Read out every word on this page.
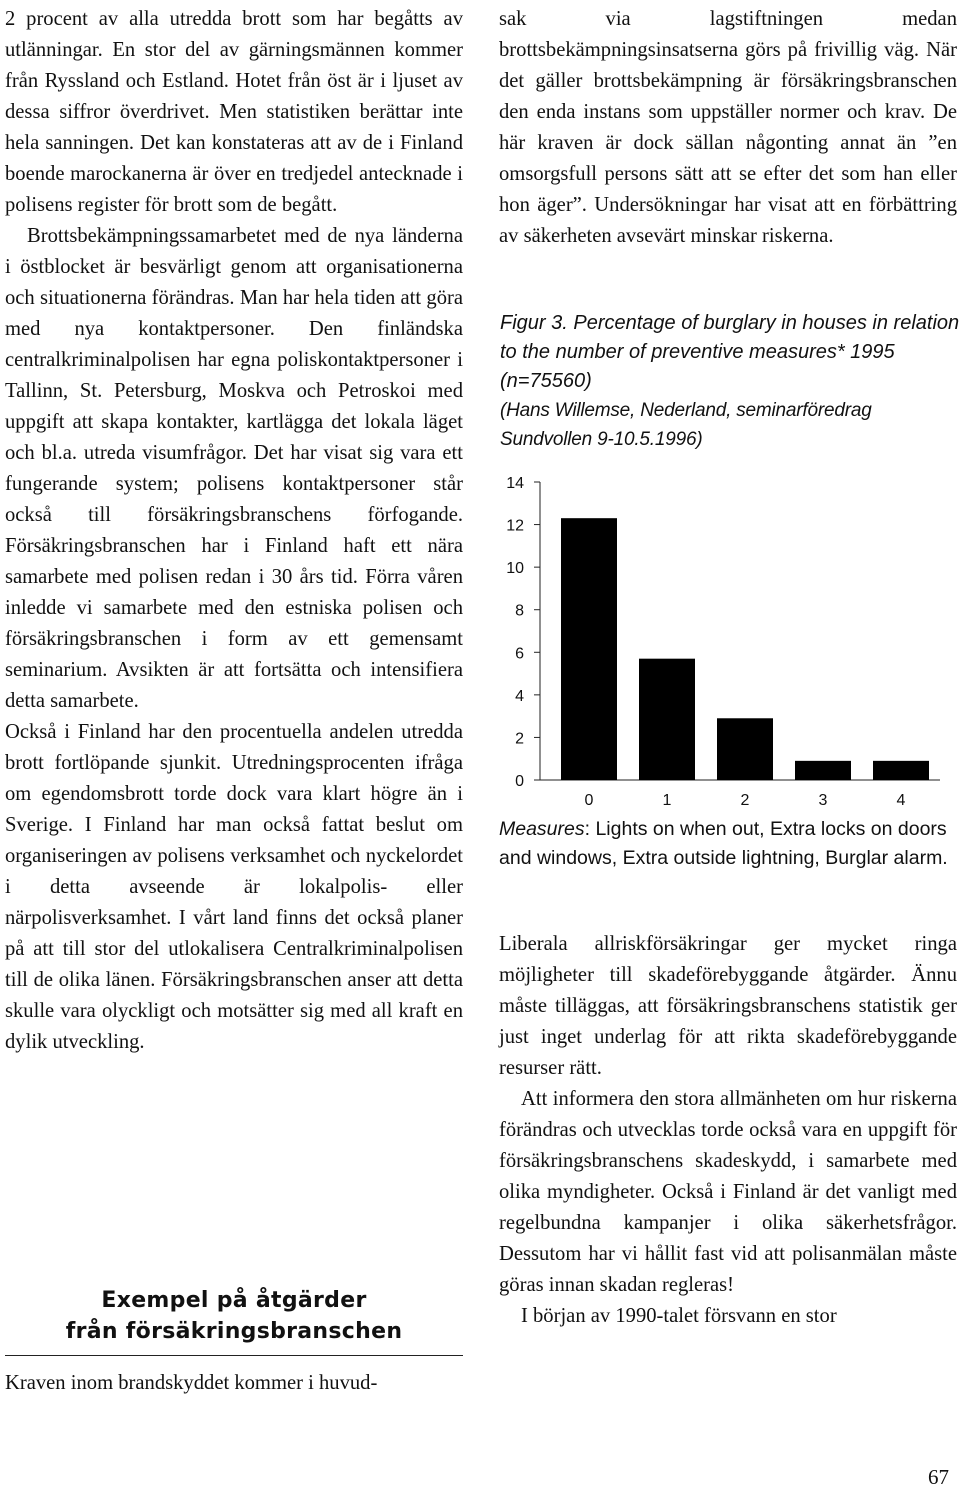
2 procent av alla utredda brott som har begåtts av utlänningar. En stor del av gärningsmännen kommer från Ryssland och Estland. Hotet från öst är i ljuset av dessa siffror överdrivet. Men statistiken berättar inte hela sanningen. Det kan konstateras att av de i Finland boende marockanerna är över en tredjedel antecknade i polisens register för brott som de begått.

Brottsbekämpningssamarbetet med de nya länderna i östblocket är besvärligt genom att organisationerna och situationerna förändras. Man har hela tiden att göra med nya kontaktpersoner. Den finländska centralkriminalpolisen har egna poliskontaktpersoner i Tallinn, St. Petersburg, Moskva och Petroskoi med uppgift att skapa kontakter, kartlägga det lokala läget och bl.a. utreda visumfrågor. Det har visat sig vara ett fungerande system; polisens kontaktpersoner står också till försäkringsbranschens förfogande. Försäkringsbranschen har i Finland haft ett nära samarbete med polisen redan i 30 års tid. Förra våren inledde vi samarbete med den estniska polisen och försäkringsbranschen i form av ett gemensamt seminarium. Avsikten är att fortsätta och intensifiera detta samarbete.

Också i Finland har den procentuella andelen utredda brott fortlöpande sjunkit. Utredningsprocenten ifråga om egendomsbrott torde dock vara klart högre än i Sverige. I Finland har man också fattat beslut om organiseringen av polisens verksamhet och nyckelordet i detta avseende är lokalpolis- eller närpolisverksamhet. I vårt land finns det också planer på att till stor del utlokalisera Centralkriminalpolisen till de olika länen. Försäkringsbranschen anser att detta skulle vara olyckligt och motsätter sig med all kraft en dylik utveckling.

Exempel på åtgärder
från försäkringsbranschen
Kraven inom brandskyddet kommer i huvud-

sak via lagstiftningen medan brottsbekämpningsinsatserna görs på frivillig väg. När det gäller brottsbekämpning är försäkringsbranschen den enda instans som uppställer normer och krav. De här kraven är dock sällan någonting annat än ”en omsorgsfull persons sätt att se efter det som han eller hon äger”. Undersökningar har visat att en förbättring av säkerheten avsevärt minskar riskerna.

Figur 3. Percentage of burglary in houses in relation to the number of preventive measures* 1995 (n=75560)

(Hans Willemse, Nederland, seminarföredrag Sundvollen 9-10.5.1996)

0
2
4
6
8
10
12
14
0	1	2	3	4

Measures: Lights on when out, Extra locks on doors and windows, Extra outside lightning, Burglar alarm.

Liberala allriskförsäkringar ger mycket ringa möjligheter till skadeförebyggande åtgärder. Ännu måste tilläggas, att försäkringsbranschens statistik ger just inget underlag för att rikta skadeförebyggande resurser rätt.

Att informera den stora allmänheten om hur riskerna förändras och utvecklas torde också vara en uppgift för försäkringsbranschens skadeskydd, i samarbete med olika myndigheter. Också i Finland är det vanligt med regelbundna kampanjer i olika säkerhetsfrågor. Dessutom har vi hållit fast vid att polisanmälan måste göras innan skadan regleras!

I början av 1990-talet försvann en stor

67
